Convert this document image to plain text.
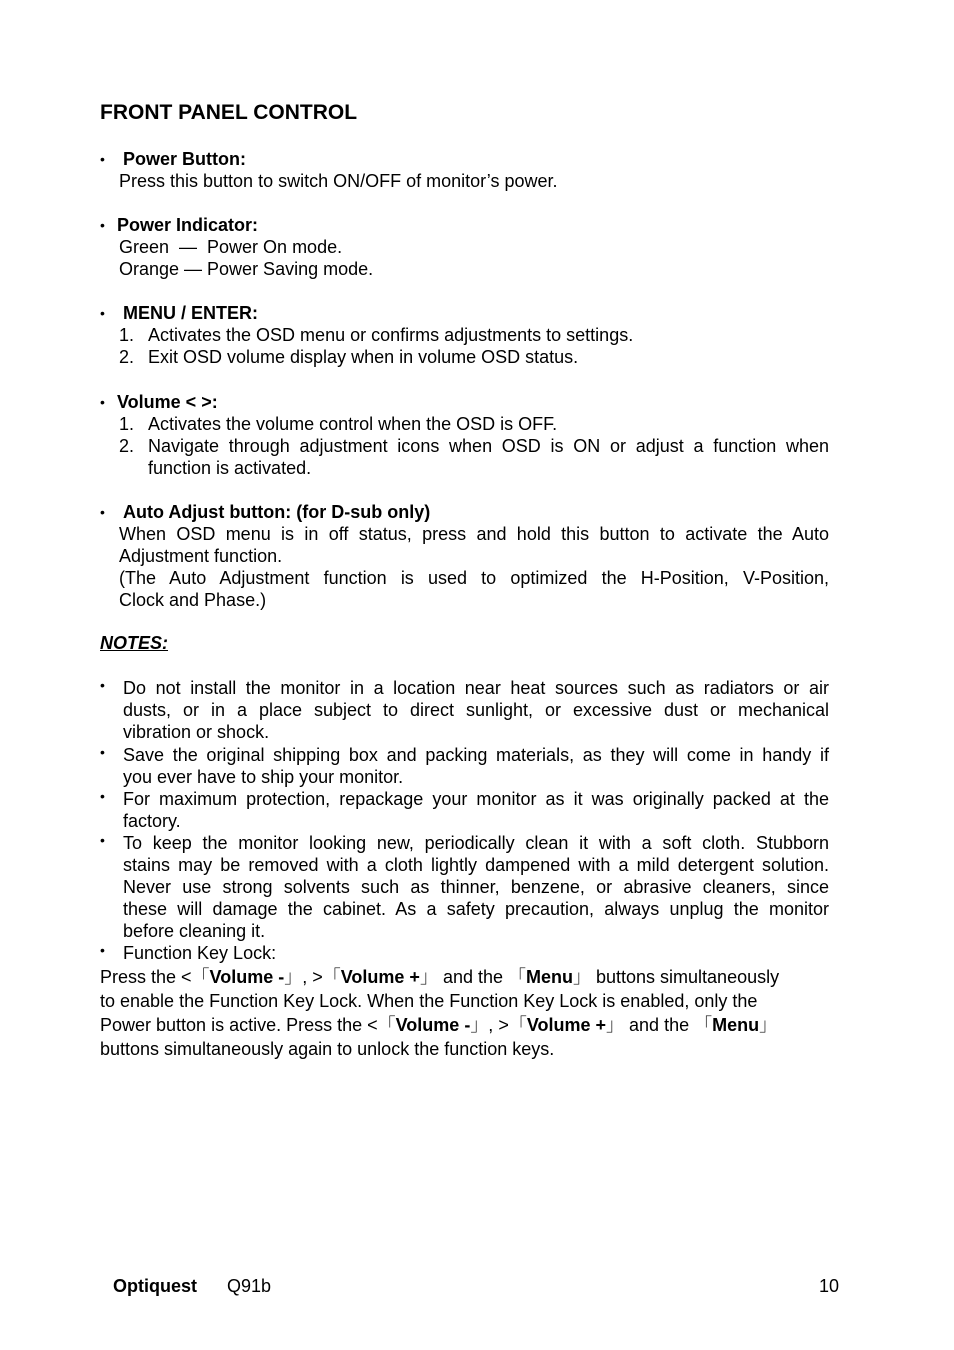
FRONT PANEL CONTROL
• Power Button:
Press this button to switch ON/OFF of monitor’s power.
• Power Indicator:
Green  —  Power On mode.
Orange — Power Saving mode.
• MENU / ENTER:
1. Activates the OSD menu or confirms adjustments to settings.
2. Exit OSD volume display when in volume OSD status.
• Volume < >:
1. Activates the volume control when the OSD is OFF.
2. Navigate through adjustment icons when OSD is ON or adjust a function when
function is activated.
• Auto Adjust button: (for D-sub only)
When OSD menu is in off status, press and hold this button to activate the Auto
Adjustment function.
(The Auto Adjustment function is used to optimized the H-Position, V-Position,
Clock and Phase.)
NOTES:
• Do not install the monitor in a location near heat sources such as radiators or air
dusts, or in a place subject to direct sunlight, or excessive dust or mechanical
vibration or shock.
• Save the original shipping box and packing materials, as they will come in handy if
you ever have to ship your monitor.
• For maximum protection, repackage your monitor as it was originally packed at the
factory.
• To keep the monitor looking new, periodically clean it with a soft cloth. Stubborn
stains may be removed with a cloth lightly dampened with a mild detergent solution.
Never use strong solvents such as thinner, benzene, or abrasive cleaners, since
these will damage the cabinet. As a safety precaution, always unplug the monitor
before cleaning it.
• Function Key Lock:
Press the <「Volume -」, >「Volume +」 and the 「Menu」 buttons simultaneously
to enable the Function Key Lock. When the Function Key Lock is enabled, only the
Power button is active. Press the <「Volume -」, >「Volume +」 and the 「Menu」
buttons simultaneously again to unlock the function keys.
Optiquest Q91b	10
